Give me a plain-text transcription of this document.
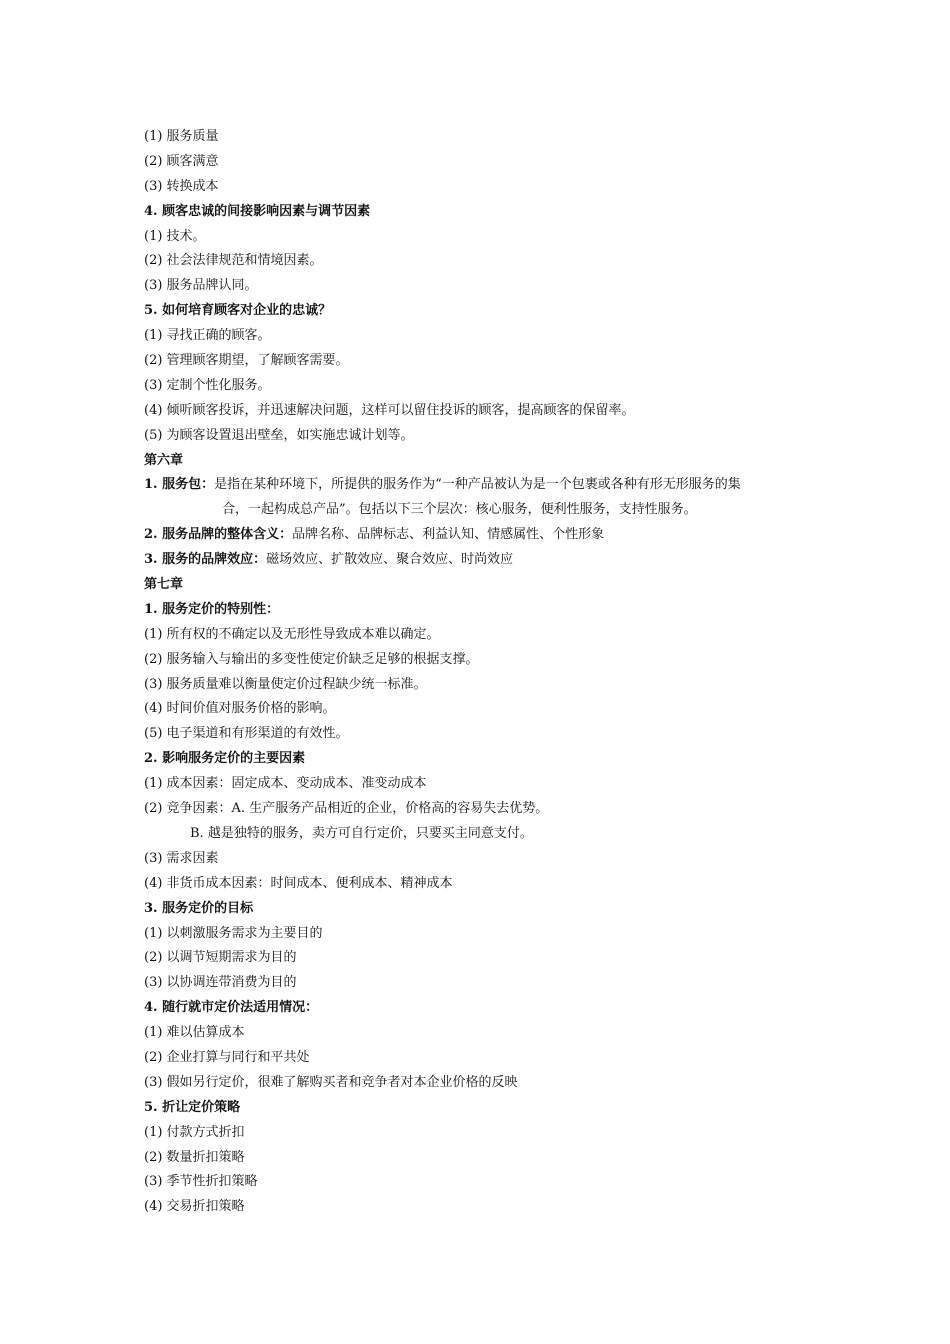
(1) 服务质量
(2) 顾客满意
(3) 转换成本
4. 顾客忠诚的间接影响因素与调节因素
(1) 技术。
(2) 社会法律规范和情境因素。
(3) 服务品牌认同。
5. 如何培育顾客对企业的忠诚？
(1) 寻找正确的顾客。
(2) 管理顾客期望，了解顾客需要。
(3) 定制个性化服务。
(4) 倾听顾客投诉，并迅速解决问题，这样可以留住投诉的顾客，提高顾客的保留率。
(5) 为顾客设置退出壁垒，如实施忠诚计划等。
第六章
1. 服务包：是指在某种环境下，所提供的服务作为“一种产品被认为是一个包裹或各种有形无形服务的集
合，一起构成总产品”。包括以下三个层次：核心服务，便利性服务，支持性服务。
2. 服务品牌的整体含义：品牌名称、品牌标志、利益认知、情感属性、个性形象
3. 服务的品牌效应：磁场效应、扩散效应、聚合效应、时尚效应
第七章
1. 服务定价的特别性：
(1) 所有权的不确定以及无形性导致成本难以确定。
(2) 服务输入与输出的多变性使定价缺乏足够的根据支撑。
(3) 服务质量难以衡量使定价过程缺少统一标准。
(4) 时间价值对服务价格的影响。
(5) 电子渠道和有形渠道的有效性。
2. 影响服务定价的主要因素
(1) 成本因素：固定成本、变动成本、准变动成本
(2) 竞争因素：A. 生产服务产品相近的企业，价格高的容易失去优势。
B. 越是独特的服务，卖方可自行定价，只要买主同意支付。
(3) 需求因素
(4) 非货币成本因素：时间成本、便利成本、精神成本
3. 服务定价的目标
(1) 以刺激服务需求为主要目的
(2) 以调节短期需求为目的
(3) 以协调连带消费为目的
4. 随行就市定价法适用情况：
(1) 难以估算成本
(2) 企业打算与同行和平共处
(3) 假如另行定价，很难了解购买者和竞争者对本企业价格的反映
5. 折让定价策略
(1) 付款方式折扣
(2) 数量折扣策略
(3) 季节性折扣策略
(4) 交易折扣策略
